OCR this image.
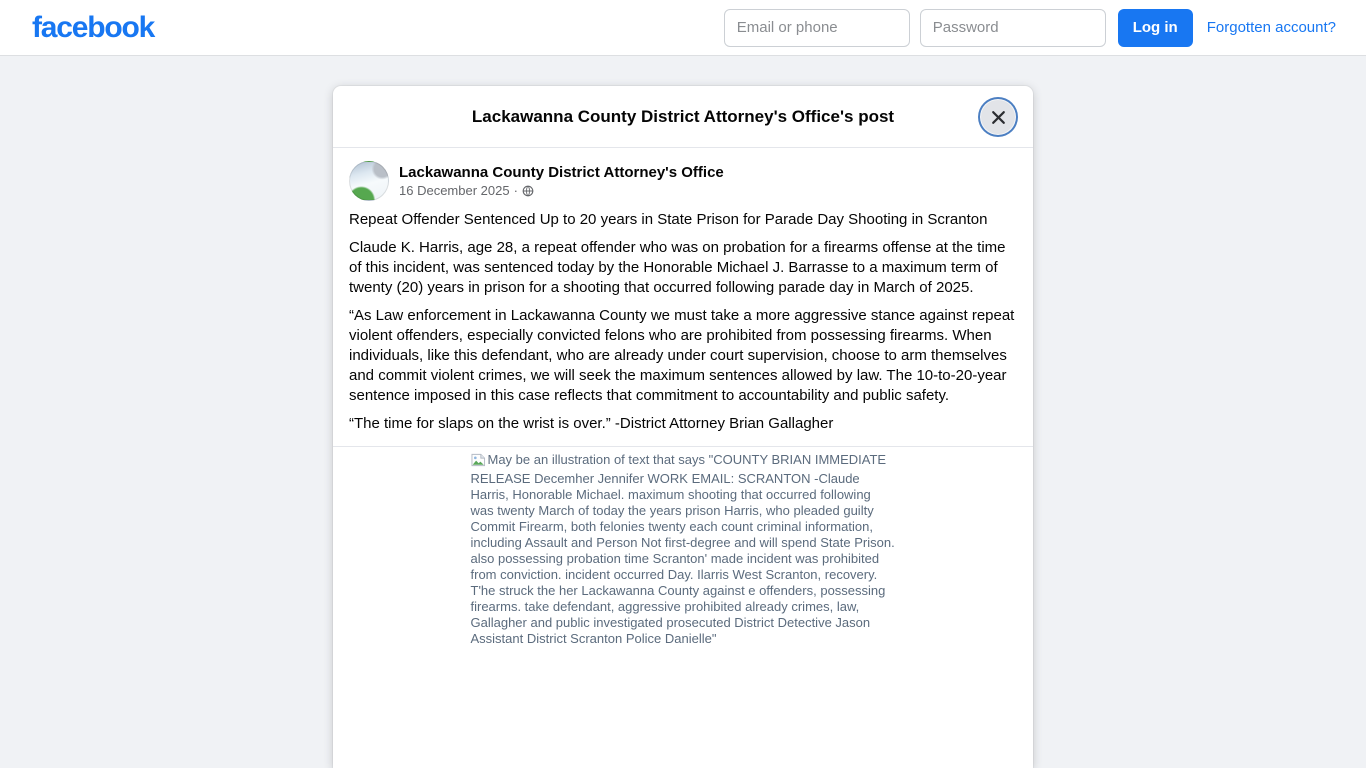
facebook
Email or phone	Log in	Forgotten account?
Lackawanna County District Attorney's Office's post
Lackawanna County District Attorney's Office
16 December 2025 ·

Repeat Offender Sentenced Up to 20 years in State Prison for Parade Day Shooting in Scranton

Claude K. Harris, age 28, a repeat offender who was on probation for a firearms offense at the time of this incident, was sentenced today by the Honorable Michael J. Barrasse to a maximum term of twenty (20) years in prison for a shooting that occurred following parade day in March of 2025.

“As Law enforcement in Lackawanna County we must take a more aggressive stance against repeat violent offenders, especially convicted felons who are prohibited from possessing firearms. When individuals, like this defendant, who are already under court supervision, choose to arm themselves and commit violent crimes, we will seek the maximum sentences allowed by law. The 10-to-20-year sentence imposed in this case reflects that commitment to accountability and public safety.

“The time for slaps on the wrist is over.” -District Attorney Brian Gallagher

May be an illustration of text that says "COUNTY BRIAN IMMEDIATE RELEASE Decemher Jennifer WORK EMAIL: SCRANTON -Claude Harris, Honorable Michael. maximum shooting that occurred following was twenty March of today the years prison Harris, who pleaded guilty Commit Firearm, both felonies twenty each count criminal information, including Assault and Person Not first-degree and will spend State Prison. also possessing probation time Scranton' made incident was prohibited from conviction. incident occurred Day. Ilarris West Scranton, recovery. T'he struck the her Lackawanna County against e offenders, possessing firearms. take defendant, aggressive prohibited already crimes, law, Gallagher and public investigated prosecuted District Detective Jason Assistant District Scranton Police Danielle"
